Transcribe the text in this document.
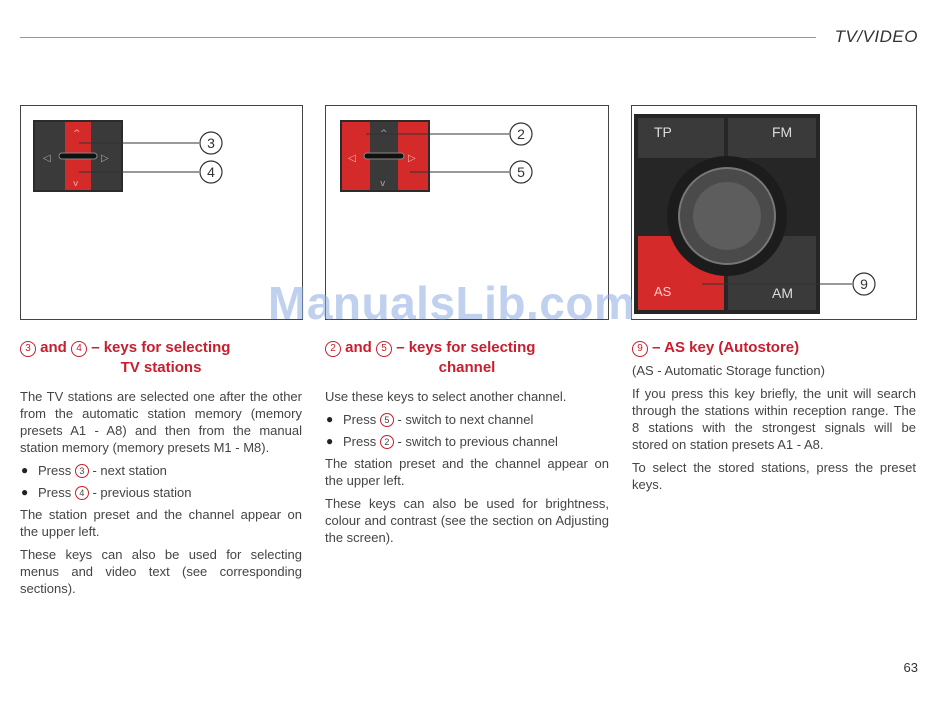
TV/VIDEO
◁	▷
^
v
3
4
◁	▷
^
v
2
5
TP	FM
AS	AM
9
3 and 4 – keys for selecting
TV stations

The TV stations are selected one after the other from the automatic station memory (memory presets A1 - A8) and then from the manual station memory (memory presets M1 - M8).

● Press 3 - next station
● Press 4 - previous station

The station preset and the channel appear on the upper left.

These keys can also be used for selecting menus and video text (see corresponding sections).

2 and 5 – keys for selecting
channel

Use these keys to select another channel.

● Press 5 - switch to next channel
● Press 2 - switch to previous channel

The station preset and the channel appear on the upper left.

These keys can also be used for brightness, colour and contrast (see the section on Adjusting the screen).

9 – AS key (Autostore)

(AS - Automatic Storage function)

If you press this key briefly, the unit will search through the stations within reception range. The 8 stations with the strongest signals will be stored on station presets A1 - A8.

To select the stored stations, press the preset keys.

63
ManualsLib.com
